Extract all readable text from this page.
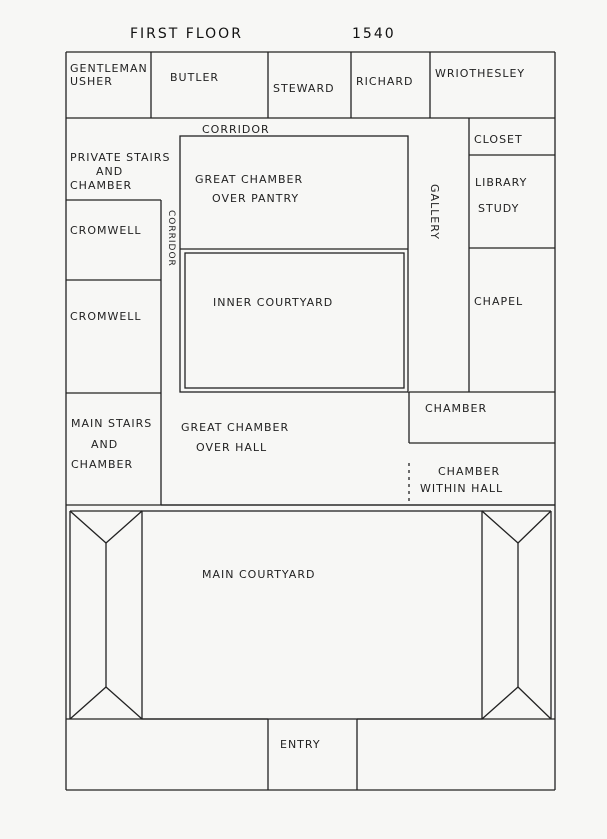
FIRST FLOOR	1540
GENTLEMAN
USHER	BUTLER
STEWARD
RICHARD
WRIOTHESLEY
CORRIDOR
CLOSET
PRIVATE STAIRS
AND
CHAMBER	GREAT CHAMBER
OVER PANTRY	GALLERY
LIBRARY
STUDY
CROMWELL	CORRIDOR
INNER COURTYARD	CHAPEL
CROMWELL
CHAMBER
MAIN STAIRS
AND
CHAMBER
GREAT CHAMBER
OVER HALL
CHAMBER
WITHIN HALL
MAIN COURTYARD
ENTRY
